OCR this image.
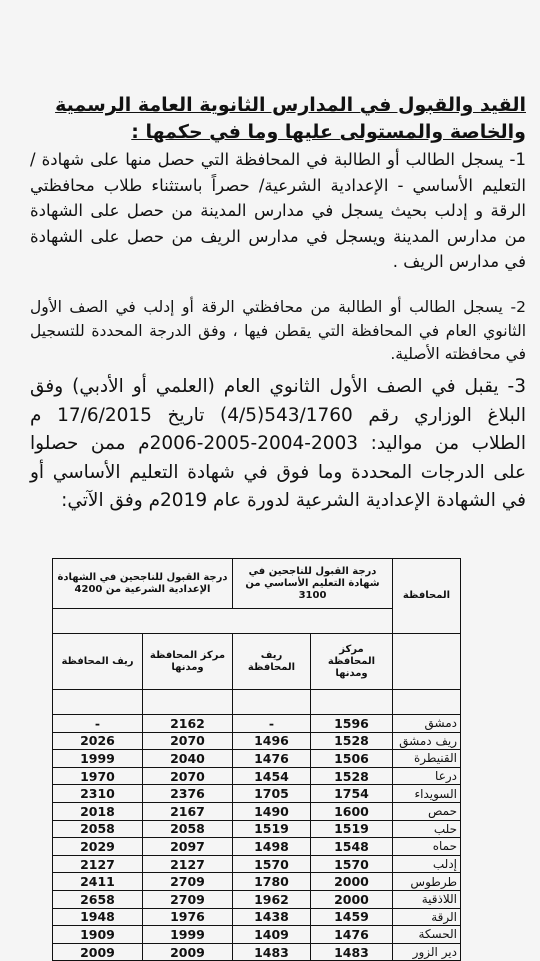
القيد والقبول في المدارس الثانوية العامة الرسمية والخاصة والمستولى عليها وما في حكمها :
1- يسجل الطالب أو الطالبة في المحافظة التي حصل منها على شهادة / التعليم الأساسي - الإعدادية الشرعية/ حصراً باستثناء طلاب محافظتي الرقة و إدلب بحيث يسجل في مدارس المدينة من حصل على الشهادة من مدارس المدينة ويسجل في مدارس الريف من حصل على الشهادة في مدارس الريف .
2- يسجل الطالب أو الطالبة من محافظتي الرقة أو إدلب في الصف الأول الثانوي العام في المحافظة التي يقطن فيها ، وفق الدرجة المحددة للتسجيل في محافظته الأصلية.
3- يقبل في الصف الأول الثانوي العام (العلمي أو الأدبي) وفق البلاغ الوزاري رقم 543/1760(4/5) تاريخ 17/6/2015 م الطلاب من مواليد: 2003-2004-2005-2006م ممن حصلوا على الدرجات المحددة وما فوق في شهادة التعليم الأساسي أو في الشهادة الإعدادية الشرعية لدورة عام 2019م وفق الآتي:
المحافظة	درجة القبول للناجحين في شهادة التعليم الأساسي من 3100		درجة القبول للناجحين في الشهادة الإعدادية الشرعية من 4200	

	مركز المحافظة ومدنها	ريف المحافظة	مركز المحافظة ومدنها	ريف المحافظة

دمشق	1596	-	2162	-
ريف دمشق	1528	1496	2070	2026
القنيطرة	1506	1476	2040	1999
درعا	1528	1454	2070	1970
السويداء	1754	1705	2376	2310
حمص	1600	1490	2167	2018
حلب	1519	1519	2058	2058
حماه	1548	1498	2097	2029
إدلب	1570	1570	2127	2127
طرطوس	2000	1780	2709	2411
اللاذقية	2000	1962	2709	2658
الرقة	1459	1438	1976	1948
الحسكة	1476	1409	1999	1909
دير الزور	1483	1483	2009	2009
